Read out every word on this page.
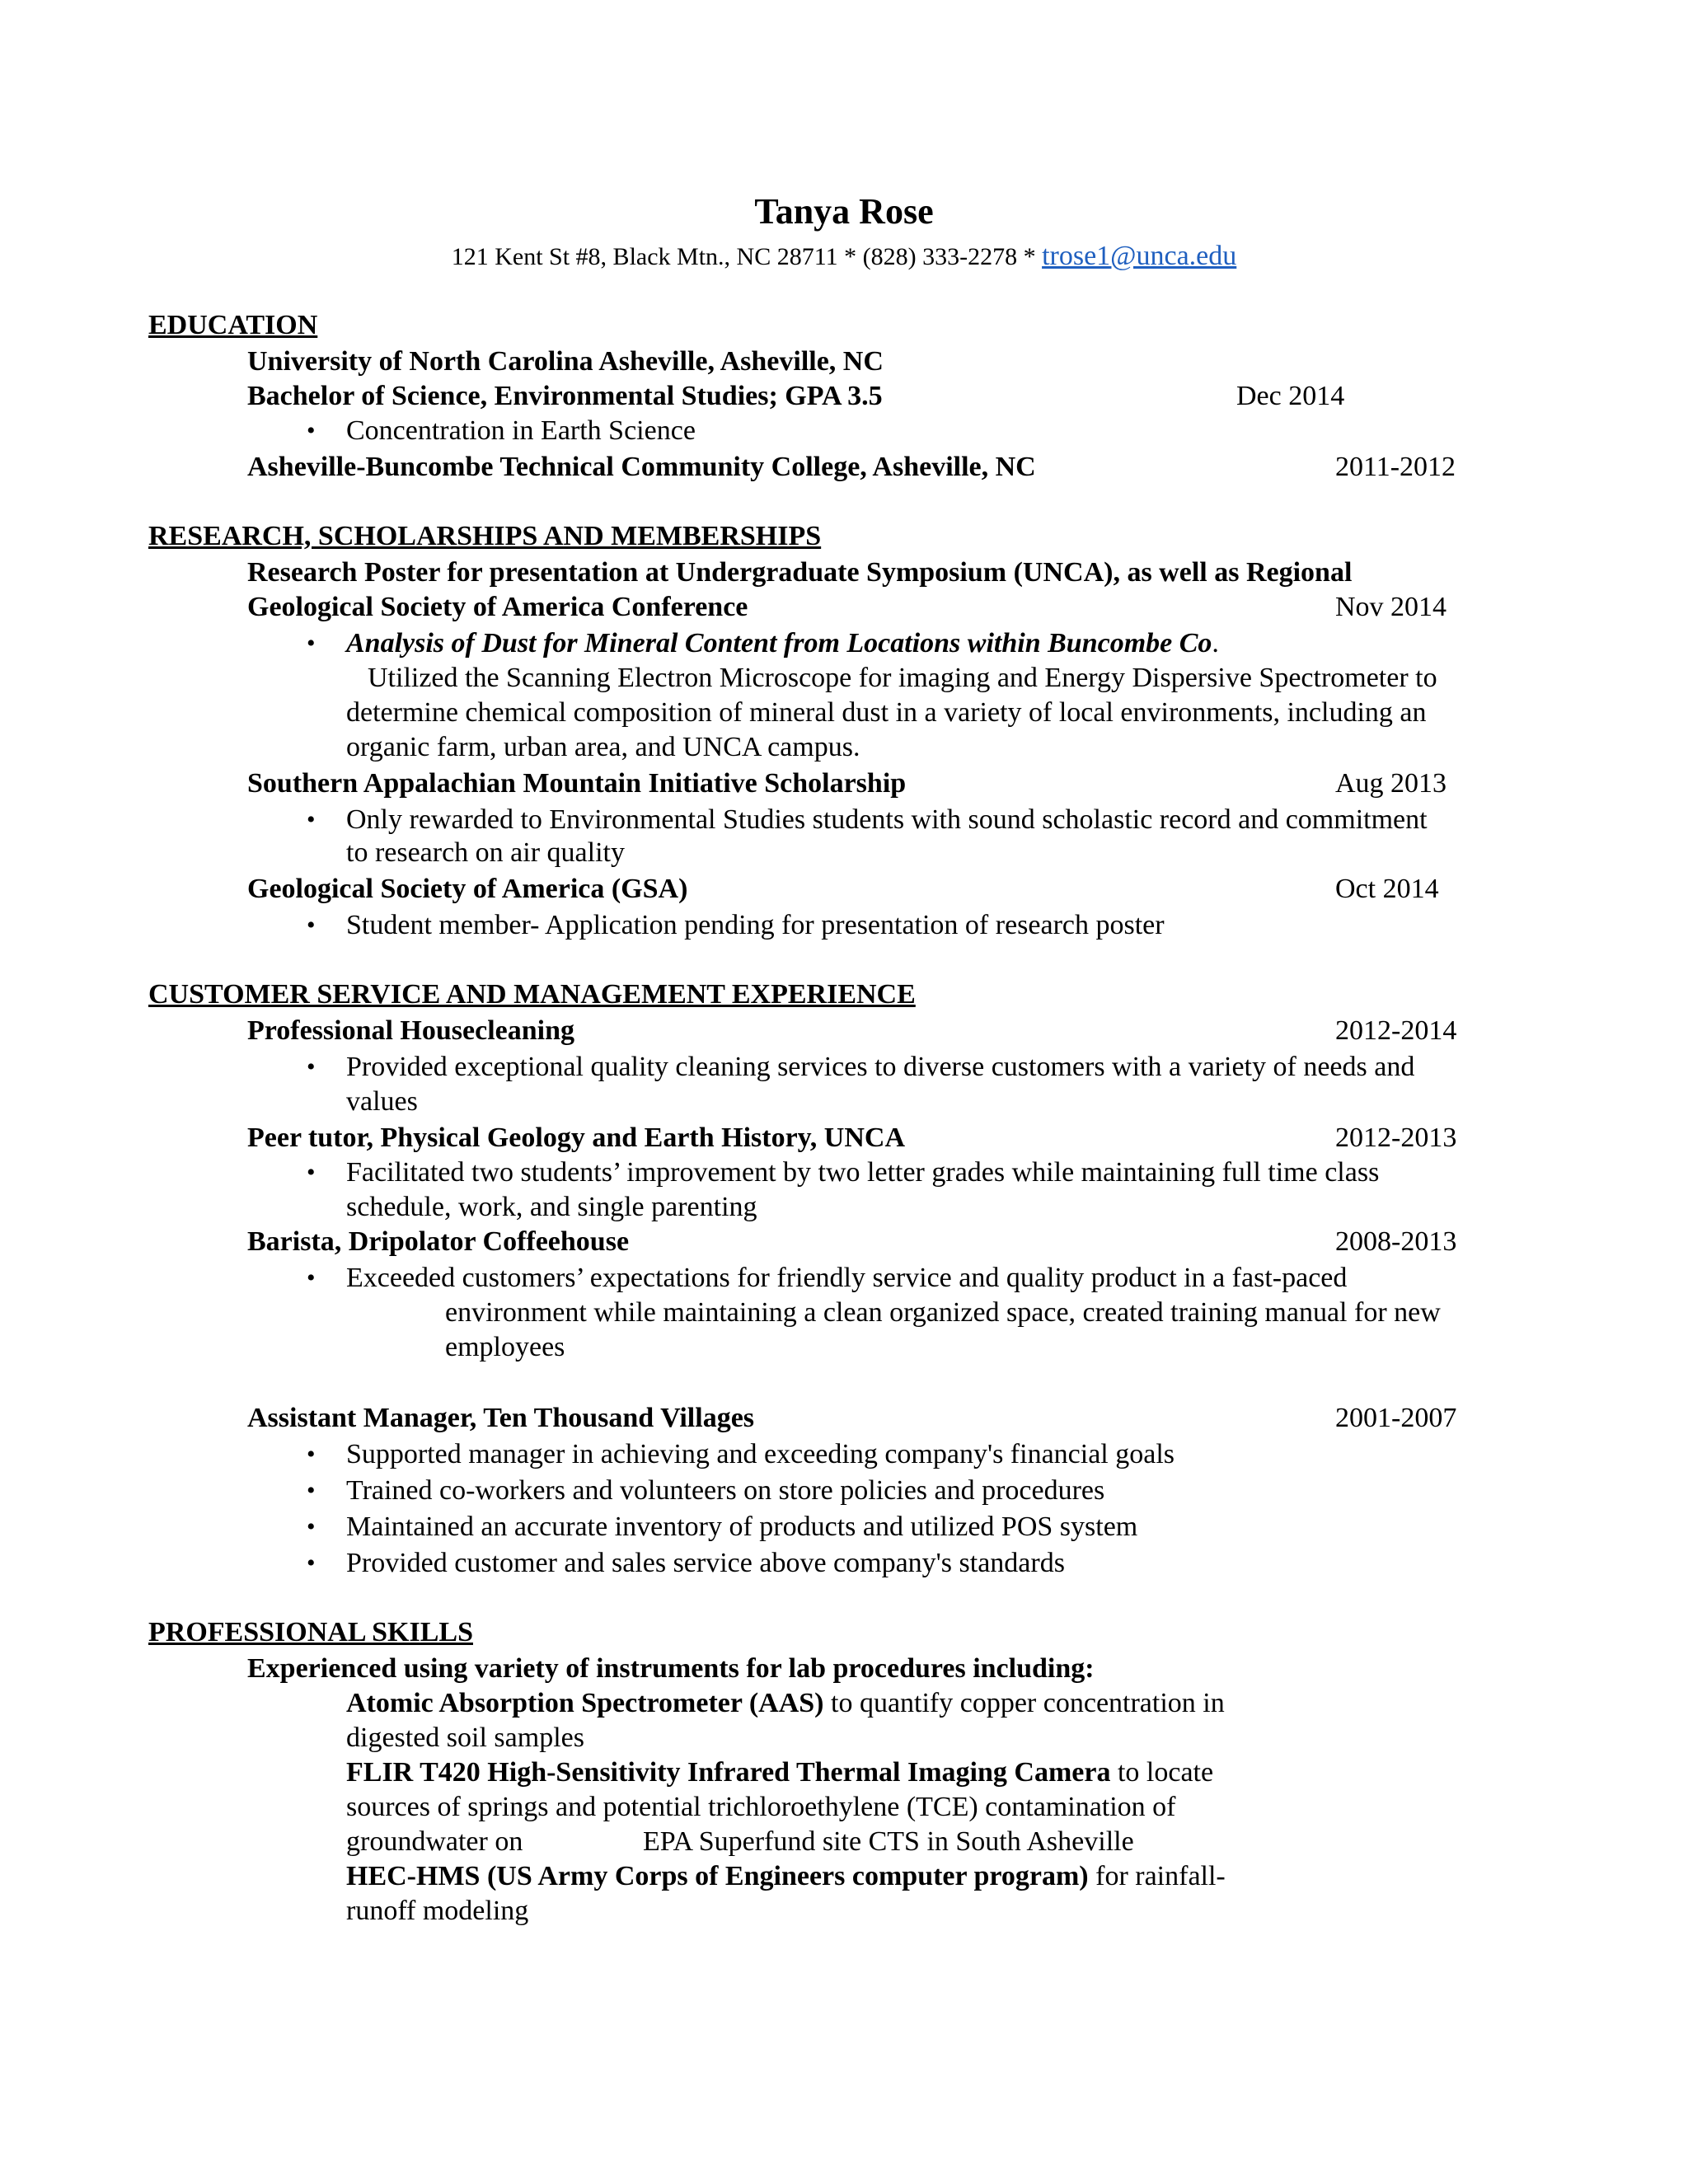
Tanya Rose
121 Kent St #8, Black Mtn., NC 28711 * (828) 333-2278 * trose1@unca.edu
EDUCATION
University of North Carolina Asheville, Asheville, NC
Bachelor of Science, Environmental Studies; GPA 3.5	Dec 2014
• Concentration in Earth Science
Asheville-Buncombe Technical Community College, Asheville, NC	2011-2012
RESEARCH, SCHOLARSHIPS AND MEMBERSHIPS
Research Poster for presentation at Undergraduate Symposium (UNCA), as well as Regional
Geological Society of America Conference	Nov 2014
• Analysis of Dust for Mineral Content from Locations within Buncombe Co.
Utilized the Scanning Electron Microscope for imaging and Energy Dispersive Spectrometer to
determine chemical composition of mineral dust in a variety of local environments, including an
organic farm, urban area, and UNCA campus.
Southern Appalachian Mountain Initiative Scholarship	Aug 2013
• Only rewarded to Environmental Studies students with sound scholastic record and commitment
to research on air quality
Geological Society of America (GSA)	Oct 2014
• Student member- Application pending for presentation of research poster
CUSTOMER SERVICE AND MANAGEMENT EXPERIENCE
Professional Housecleaning	2012-2014
• Provided exceptional quality cleaning services to diverse customers with a variety of needs and
values
Peer tutor, Physical Geology and Earth History, UNCA	2012-2013
• Facilitated two students’ improvement by two letter grades while maintaining full time class
schedule, work, and single parenting
Barista, Dripolator Coffeehouse	2008-2013
• Exceeded customers’ expectations for friendly service and quality product in a fast-paced
environment while maintaining a clean organized space, created training manual for new
employees
Assistant Manager, Ten Thousand Villages	2001-2007
• Supported manager in achieving and exceeding company's financial goals
• Trained co-workers and volunteers on store policies and procedures
• Maintained an accurate inventory of products and utilized POS system
• Provided customer and sales service above company's standards
PROFESSIONAL SKILLS
Experienced using variety of instruments for lab procedures including:
Atomic Absorption Spectrometer (AAS) to quantify copper concentration in
digested soil samples
FLIR T420 High-Sensitivity Infrared Thermal Imaging Camera to locate
sources of springs and potential trichloroethylene (TCE) contamination of
groundwater on	EPA Superfund site CTS in South Asheville
HEC-HMS (US Army Corps of Engineers computer program) for rainfall-
runoff modeling
